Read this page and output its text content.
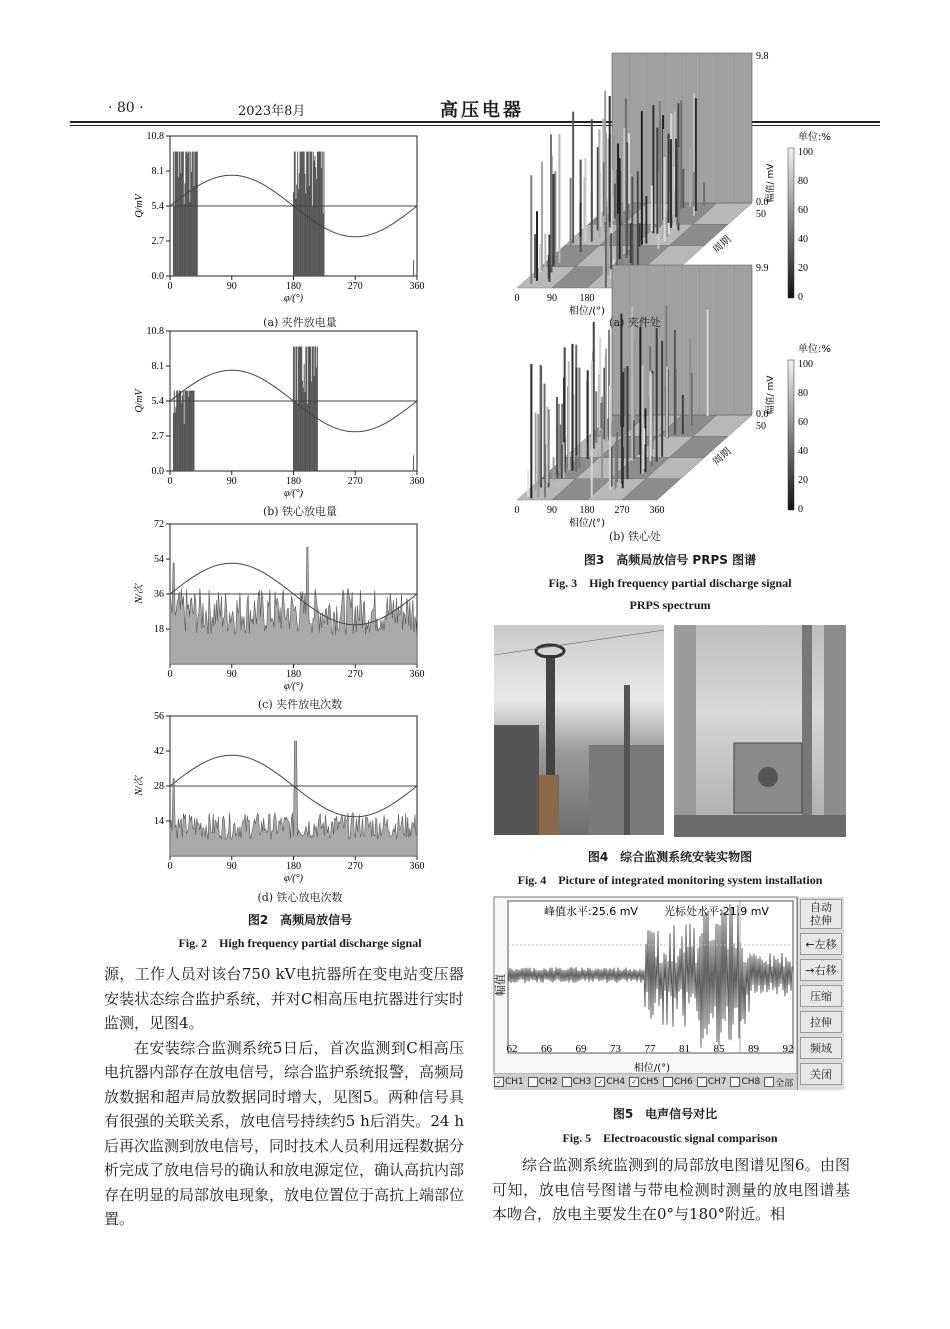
· 80 ·	2023年8月	高压电器
0.0
2.7
5.4
8.1
10.8
0	90	180	270	360
φ/(°)
Q/mV
0.0
2.7
5.4
8.1
10.8
0	90	180	270	360
φ/(°)
Q/mV
18
36
54
72
0	90	180	270	360
φ/(°)
N/次
14
28
42
56
0	90	180	270	360
φ/(°)
N/次
(a) 夹件放电量
(b) 铁心放电量
(c) 夹件放电次数
(d) 铁心放电次数
图2　高频局放信号
Fig. 2　High frequency partial discharge signal
0	90 180
相位/(°)
9.8
0.0
50
周期
单位:%
幅值/ mV
100
80
60
40
20
0
0	90 180 270 360
相位/(°)
9.9
0.0
50
周期
单位:%
幅值/ mV
100
80
60
40
20
0
(a) 夹件处
(b) 铁心处
图3　高频局放信号 PRPS 图谱
Fig. 3　High frequency partial discharge signal
PRPS spectrum
图4　综合监测系统安装实物图
Fig. 4　Picture of integrated monitoring system installation
峰值水平:25.6 mV 光标处水平:21.9 mV
幅值
62 66 69 73 77 81 85 89 92
相位/(°)
自动
拉伸
←左移
→右移
压缩
拉伸
频域
关闭
✓ CH1 CH2 CH3 ✓ CH4 ✓ CH5 CH6 CH7 CH8 全部
图5　电声信号对比
Fig. 5　Electroacoustic signal comparison

源，工作人员对该台750 kV电抗器所在变电站变压器安装状态综合监护系统，并对C相高压电抗器进行实时监测，见图4。

在安装综合监测系统5日后，首次监测到C相高压电抗器内部存在放电信号，综合监护系统报警，高频局放数据和超声局放数据同时增大，见图5。两种信号具有很强的关联关系，放电信号持续约5 h后消失。24 h后再次监测到放电信号，同时技术人员利用远程数据分析完成了放电信号的确认和放电源定位，确认高抗内部存在明显的局部放电现象，放电位置位于高抗上端部位置。

综合监测系统监测到的局部放电图谱见图6。由图可知，放电信号图谱与带电检测时测量的放电图谱基本吻合，放电主要发生在0°与180°附近。相
